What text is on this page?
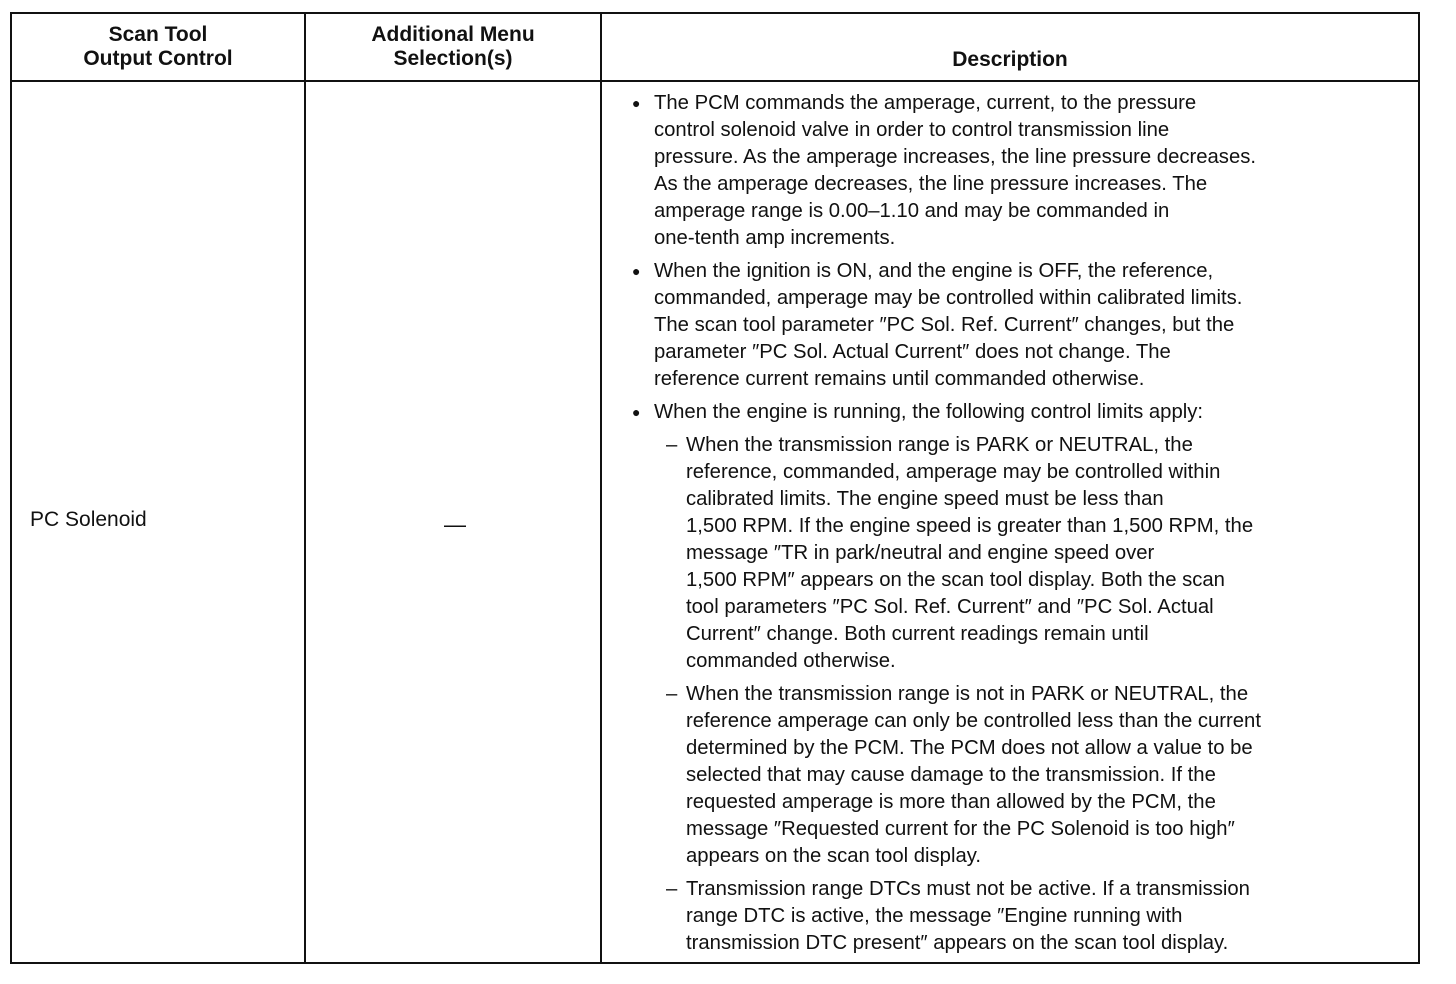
Scan Tool
Output Control
Additional Menu
Selection(s)	Description
PC Solenoid	—
● The PCM commands the amperage, current, to the pressure
control solenoid valve in order to control transmission line
pressure. As the amperage increases, the line pressure decreases.
As the amperage decreases, the line pressure increases. The
amperage range is 0.00–1.10 and may be commanded in
one-tenth amp increments.
● When the ignition is ON, and the engine is OFF, the reference,
commanded, amperage may be controlled within calibrated limits.
The scan tool parameter ″PC Sol. Ref. Current″ changes, but the
parameter ″PC Sol. Actual Current″ does not change. The
reference current remains until commanded otherwise.
● When the engine is running, the following control limits apply:
– When the transmission range is PARK or NEUTRAL, the
reference, commanded, amperage may be controlled within
calibrated limits. The engine speed must be less than
1,500 RPM. If the engine speed is greater than 1,500 RPM, the
message ″TR in park/neutral and engine speed over
1,500 RPM″ appears on the scan tool display. Both the scan
tool parameters ″PC Sol. Ref. Current″ and ″PC Sol. Actual
Current″ change. Both current readings remain until
commanded otherwise.
– When the transmission range is not in PARK or NEUTRAL, the
reference amperage can only be controlled less than the current
determined by the PCM. The PCM does not allow a value to be
selected that may cause damage to the transmission. If the
requested amperage is more than allowed by the PCM, the
message ″Requested current for the PC Solenoid is too high″
appears on the scan tool display.
– Transmission range DTCs must not be active. If a transmission
range DTC is active, the message ″Engine running with
transmission DTC present″ appears on the scan tool display.
